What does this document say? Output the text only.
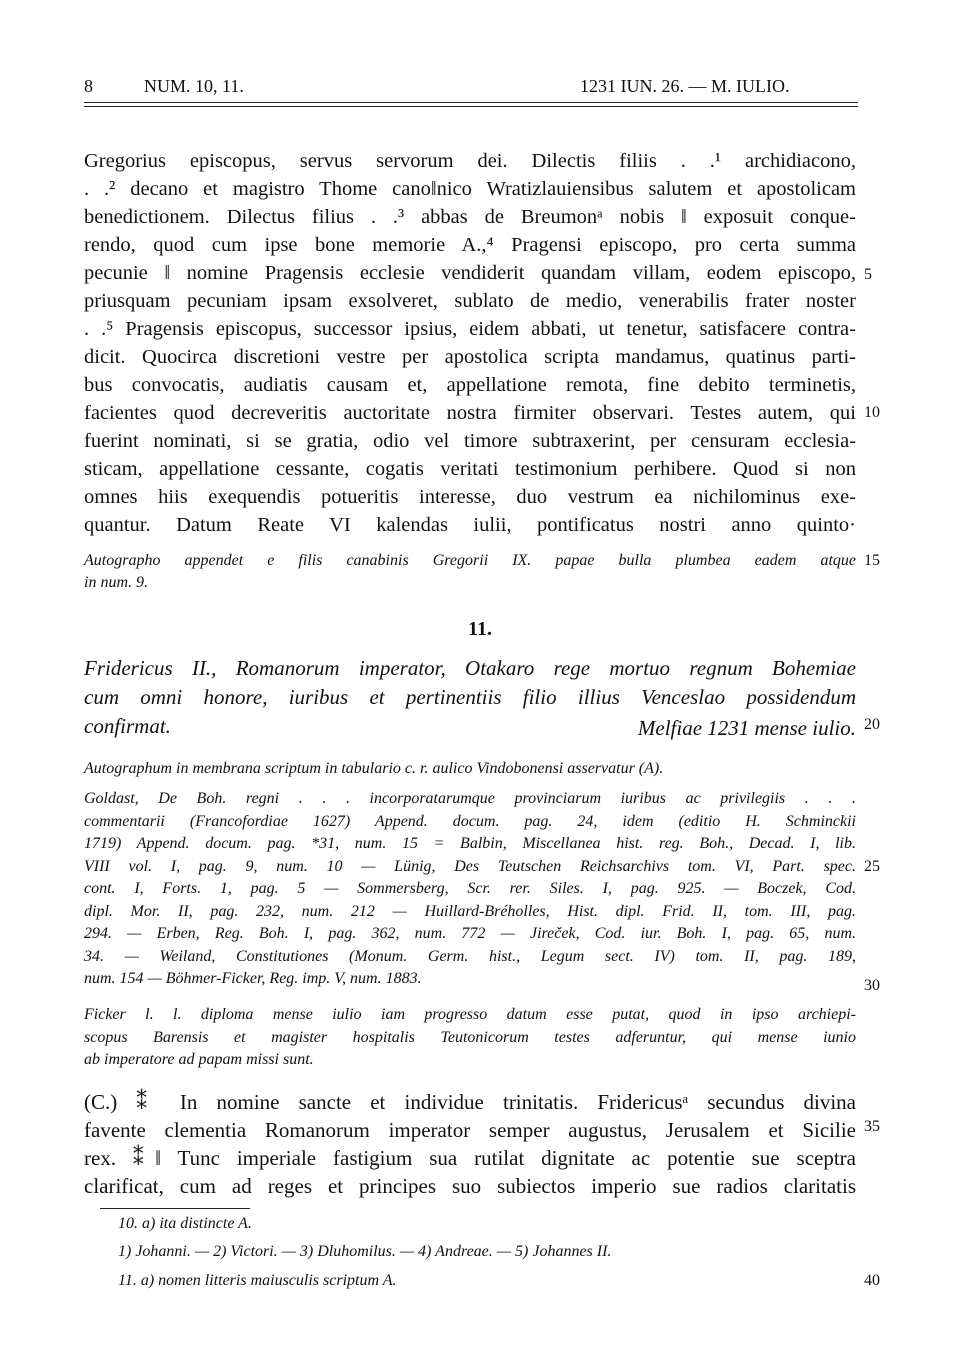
8	NUM. 10, 11.	1231 IUN. 26. — M. IULIO.
Gregorius episcopus, servus servorum dei. Dilectis filiis . .¹ archidiacono,
. .² decano et magistro Thome cano‖nico Wratizlauiensibus salutem et apostolicam
benedictionem. Dilectus filius . .³ abbas de Breumonᵃ nobis ‖ exposuit conque-
rendo, quod cum ipse bone memorie A.,⁴ Pragensi episcopo, pro certa summa
pecunie ‖ nomine Pragensis ecclesie vendiderit quandam villam, eodem episcopo,
priusquam pecuniam ipsam exsolveret, sublato de medio, venerabilis frater noster
. .⁵ Pragensis episcopus, successor ipsius, eidem abbati, ut tenetur, satisfacere contra-
dicit. Quocirca discretioni vestre per apostolica scripta mandamus, quatinus parti-
bus convocatis, audiatis causam et, appellatione remota, fine debito terminetis,
facientes quod decreveritis auctoritate nostra firmiter observari. Testes autem, qui
fuerint nominati, si se gratia, odio vel timore subtraxerint, per censuram ecclesia-
sticam, appellatione cessante, cogatis veritati testimonium perhibere. Quod si non
omnes hiis exequendis potueritis interesse, duo vestrum ea nichilominus exe-
quantur. Datum Reate VI kalendas iulii, pontificatus nostri anno quinto·
Autographo appendet e filis canabinis Gregorii IX. papae bulla plumbea eadem atque
in num. 9.
11.
Fridericus II., Romanorum imperator, Otakaro rege mortuo regnum Bohemiae
cum omni honore, iuribus et pertinentiis filio illius Venceslao possidendum
confirmat.	Melfiae 1231 mense iulio.
Autographum in membrana scriptum in tabulario c. r. aulico Vindobonensi asservatur (A).
Goldast, De Boh. regni . . . incorporatarumque provinciarum iuribus ac privilegiis . . .
commentarii (Francofordiae 1627) Append. docum. pag. 24, idem (editio H. Schminckii
1719) Append. docum. pag. *31, num. 15 = Balbin, Miscellanea hist. reg. Boh., Decad. I, lib.
VIII vol. I, pag. 9, num. 10 — Lünig, Des Teutschen Reichsarchivs tom. VI, Part. spec.
cont. I, Forts. 1, pag. 5 — Sommersberg, Scr. rer. Siles. I, pag. 925. — Boczek, Cod.
dipl. Mor. II, pag. 232, num. 212 — Huillard-Bréholles, Hist. dipl. Frid. II, tom. III, pag.
294. — Erben, Reg. Boh. I, pag. 362, num. 772 — Jireček, Cod. iur. Boh. I, pag. 65, num.
34. — Weiland, Constitutiones (Monum. Germ. hist., Legum sect. IV) tom. II, pag. 189,
num. 154 — Böhmer-Ficker, Reg. imp. V, num. 1883.
Ficker l. l. diploma mense iulio iam progresso datum esse putat, quod in ipso archiepi-
scopus Barensis et magister hospitalis Teutonicorum testes adferuntur, qui mense iunio
ab imperatore ad papam missi sunt.
(C.) ⁑ In nomine sancte et individue trinitatis. Fridericusᵃ secundus divina
favente clementia Romanorum imperator semper augustus, Jerusalem et Sicilie
rex. ⁑‖ Tunc imperiale fastigium sua rutilat dignitate ac potentie sue sceptra
clarificat, cum ad reges et principes suo subiectos imperio sue radios claritatis
10. a) ita distincte A.
1) Johanni. — 2) Victori. — 3) Dluhomilus. — 4) Andreae. — 5) Johannes II.
11. a) nomen litteris maiusculis scriptum A.
5
10
15
20
25
30
35
40
